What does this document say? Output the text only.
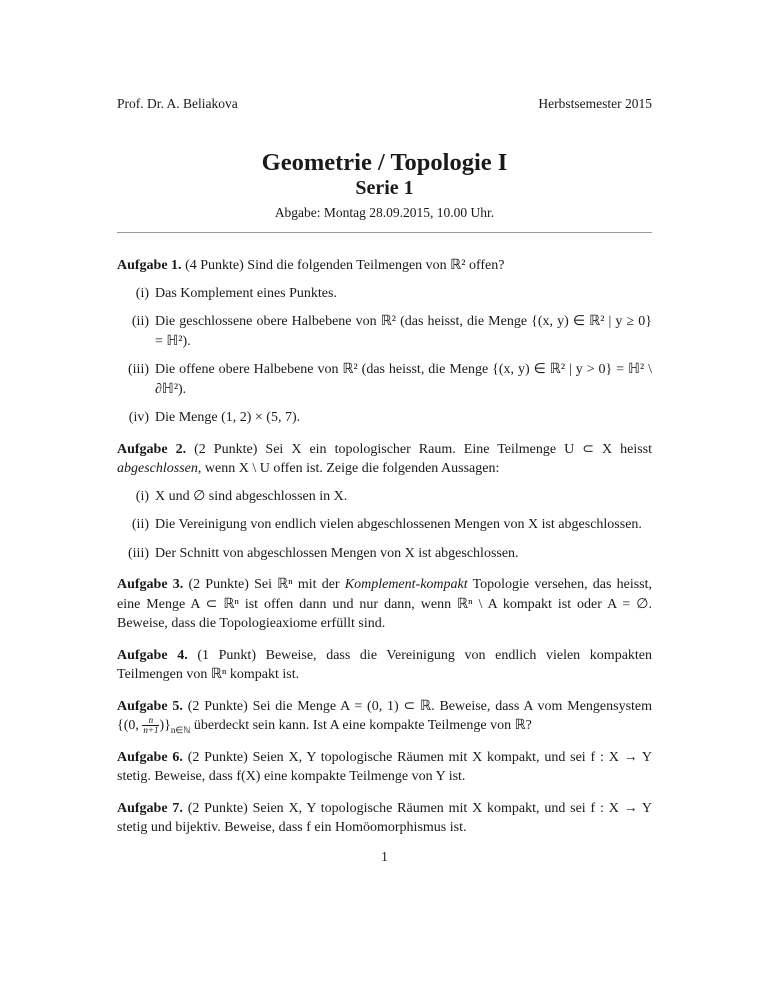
Prof. Dr. A. Beliakova	Herbstsemester 2015
Geometrie / Topologie I
Serie 1
Abgabe: Montag 28.09.2015, 10.00 Uhr.
Aufgabe 1. (4 Punkte) Sind die folgenden Teilmengen von ℝ² offen?
(i) Das Komplement eines Punktes.
(ii) Die geschlossene obere Halbebene von ℝ² (das heisst, die Menge {(x, y) ∈ ℝ² | y ≥ 0} = ℍ²).
(iii) Die offene obere Halbebene von ℝ² (das heisst, die Menge {(x, y) ∈ ℝ² | y > 0} = ℍ² \ ∂ℍ²).
(iv) Die Menge (1, 2) × (5, 7).
Aufgabe 2. (2 Punkte) Sei X ein topologischer Raum. Eine Teilmenge U ⊂ X heisst abgeschlossen, wenn X \ U offen ist. Zeige die folgenden Aussagen:
(i) X und ∅ sind abgeschlossen in X.
(ii) Die Vereinigung von endlich vielen abgeschlossenen Mengen von X ist abgeschlossen.
(iii) Der Schnitt von abgeschlossen Mengen von X ist abgeschlossen.
Aufgabe 3. (2 Punkte) Sei ℝⁿ mit der Komplement-kompakt Topologie versehen, das heisst, eine Menge A ⊂ ℝⁿ ist offen dann und nur dann, wenn ℝⁿ \ A kompakt ist oder A = ∅. Beweise, dass die Topologieaxiome erfüllt sind.
Aufgabe 4. (1 Punkt) Beweise, dass die Vereinigung von endlich vielen kompakten Teilmengen von ℝⁿ kompakt ist.
Aufgabe 5. (2 Punkte) Sei die Menge A = (0, 1) ⊂ ℝ. Beweise, dass A vom Mengensystem {(0, $\frac{n}{n+1} )\}_{n\in ℕ}$ überdeckt sein kann. Ist A eine kompakte Teilmenge von ℝ?
Aufgabe 6. (2 Punkte) Seien X, Y topologische Räumen mit X kompakt, und sei f : X → Y stetig. Beweise, dass f(X) eine kompakte Teilmenge von Y ist.
Aufgabe 7. (2 Punkte) Seien X, Y topologische Räumen mit X kompakt, und sei f : X → Y stetig und bijektiv. Beweise, dass f ein Homöomorphismus ist.
1
